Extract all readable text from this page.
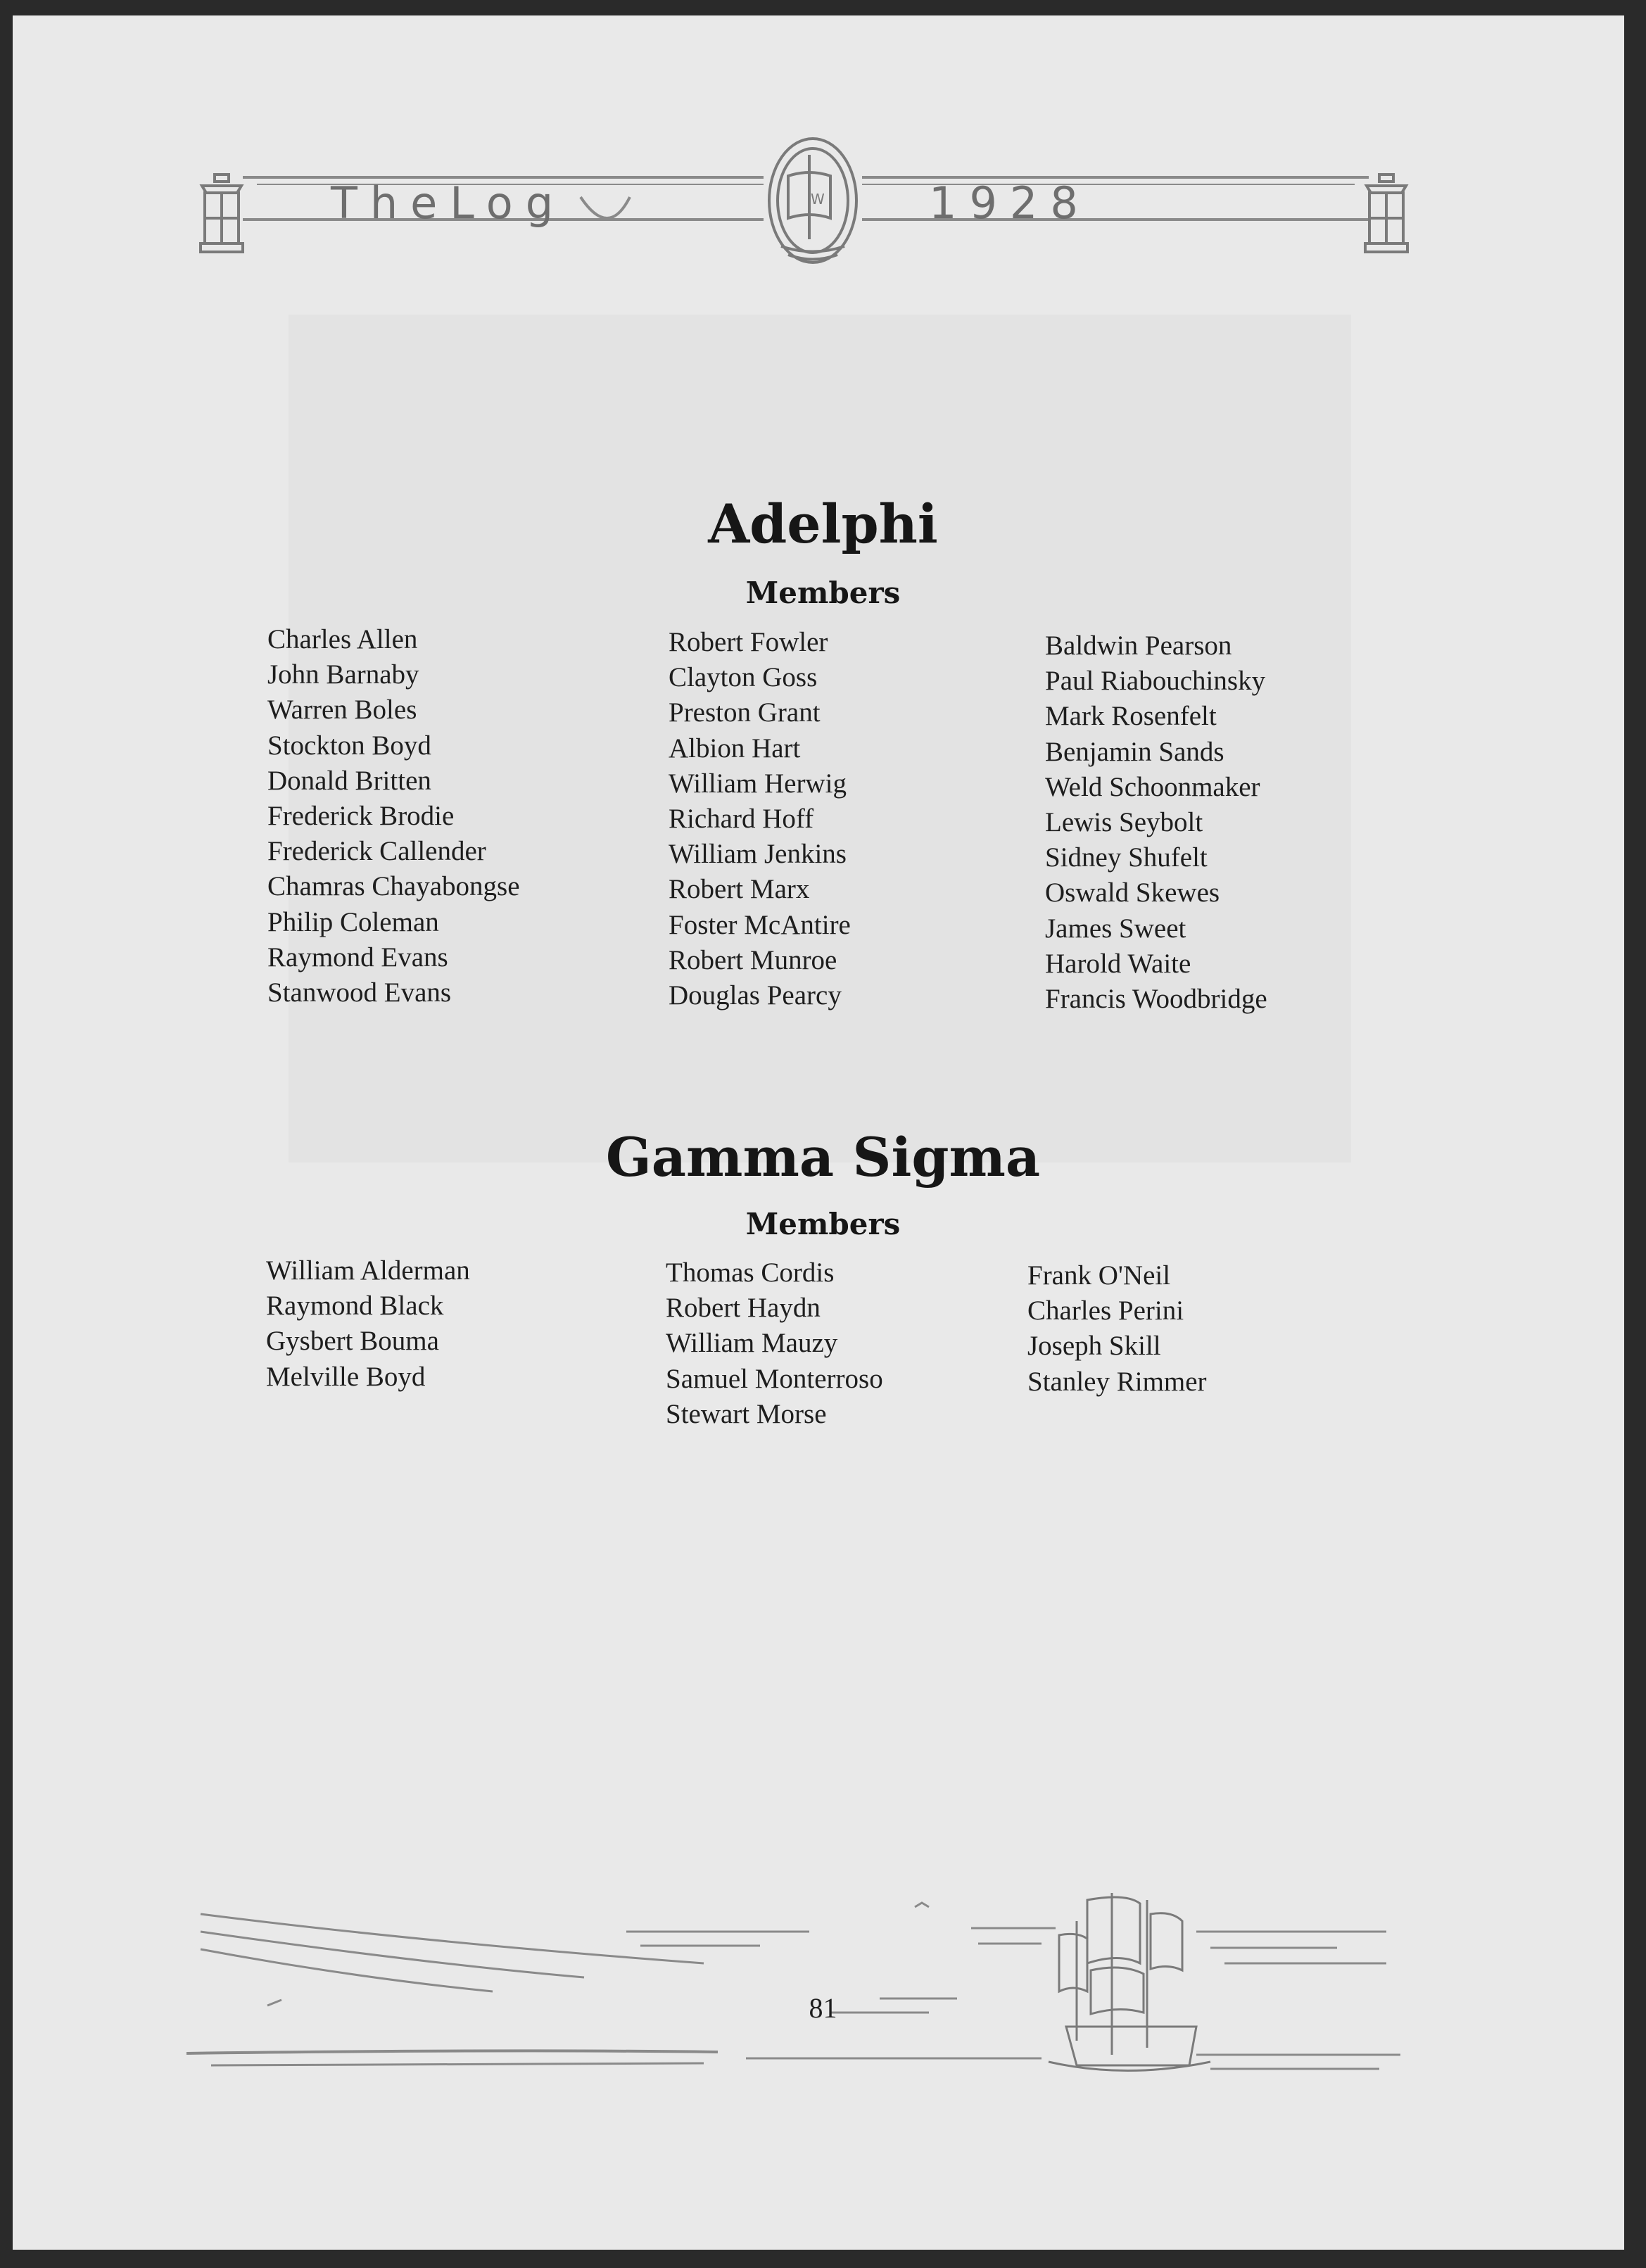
W
TheLog	1928
Adelphi
Members
Charles Allen
John Barnaby
Warren Boles
Stockton Boyd
Donald Britten
Frederick Brodie
Frederick Callender
Chamras Chayabongse
Philip Coleman
Raymond Evans
Stanwood Evans
Robert Fowler
Clayton Goss
Preston Grant
Albion Hart
William Herwig
Richard Hoff
William Jenkins
Robert Marx
Foster McAntire
Robert Munroe
Douglas Pearcy
Baldwin Pearson
Paul Riabouchinsky
Mark Rosenfelt
Benjamin Sands
Weld Schoonmaker
Lewis Seybolt
Sidney Shufelt
Oswald Skewes
James Sweet
Harold Waite
Francis Woodbridge
Gamma Sigma
Members
William Alderman
Raymond Black
Gysbert Bouma
Melville Boyd
Thomas Cordis
Robert Haydn
William Mauzy
Samuel Monterroso
Stewart Morse
Frank O'Neil
Charles Perini
Joseph Skill
Stanley Rimmer
81
